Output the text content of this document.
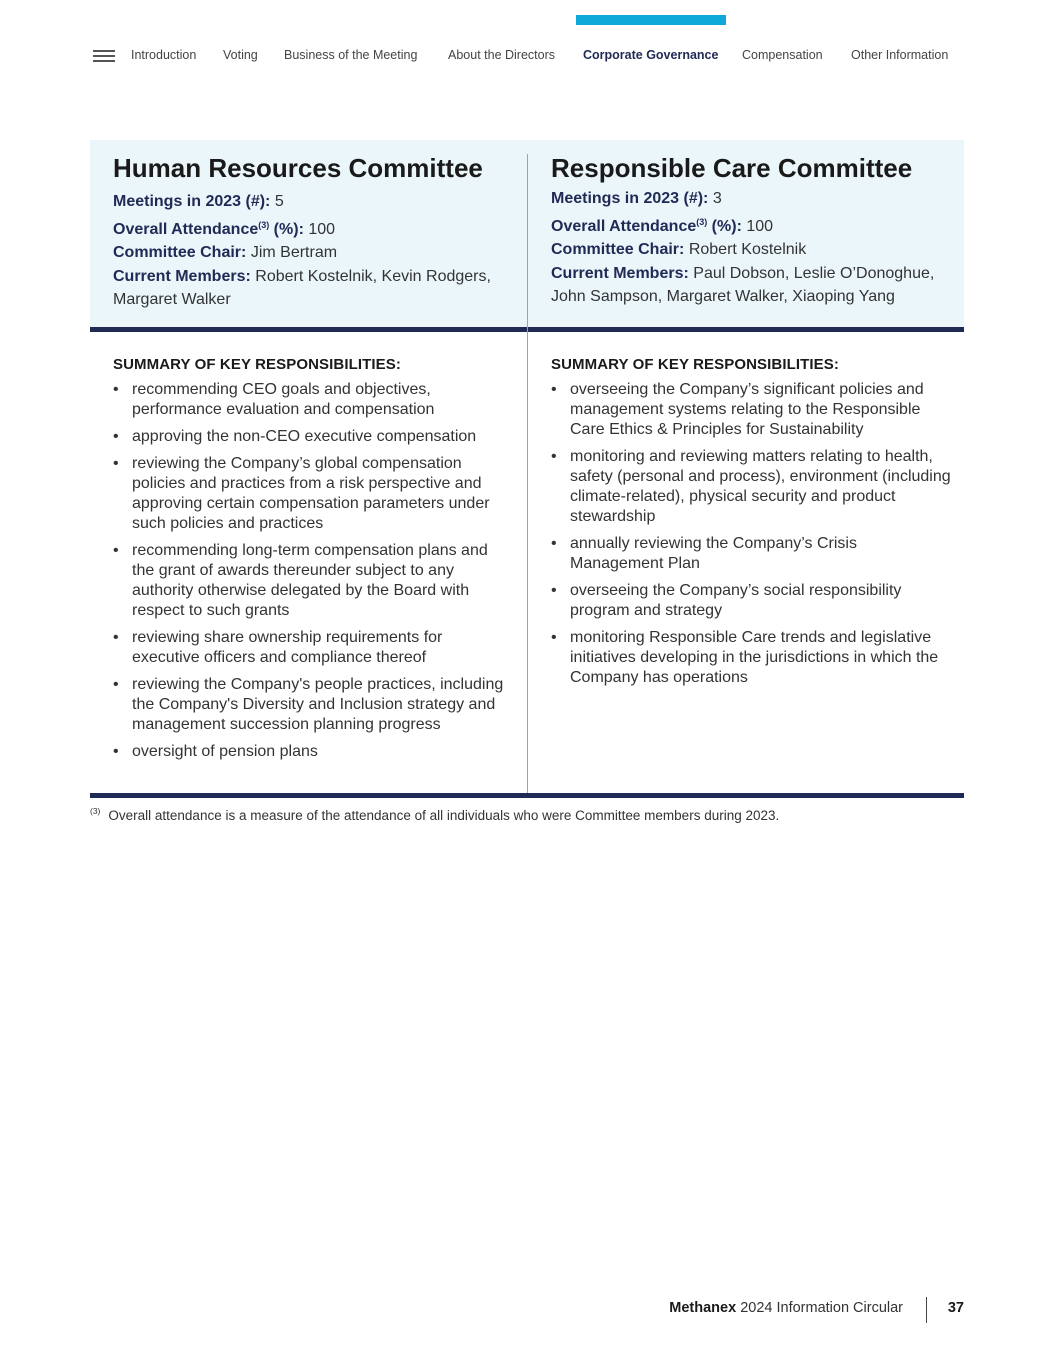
Introduction Voting Business of the Meeting About the Directors Corporate Governance Compensation Other Information
Human Resources Committee
Meetings in 2023 (#): 5
Overall Attendance$^{(3)}$ (%): 100
Committee Chair: Jim Bertram
Current Members: Robert Kostelnik, Kevin Rodgers, Margaret Walker
Responsible Care Committee
Meetings in 2023 (#): 3
Overall Attendance$^{(3)}$ (%): 100
Committee Chair: Robert Kostelnik
Current Members: Paul Dobson, Leslie O’Donoghue, John Sampson, Margaret Walker, Xiaoping Yang
SUMMARY OF KEY RESPONSIBILITIES:
• recommending CEO goals and objectives, performance evaluation and compensation
• approving the non-CEO executive compensation
• reviewing the Company’s global compensation policies and practices from a risk perspective and approving certain compensation parameters under such policies and practices
• recommending long-term compensation plans and the grant of awards thereunder subject to any authority otherwise delegated by the Board with respect to such grants
• reviewing share ownership requirements for executive officers and compliance thereof
• reviewing the Company's people practices, including the Company's Diversity and Inclusion strategy and management succession planning progress
• oversight of pension plans
SUMMARY OF KEY RESPONSIBILITIES:
• overseeing the Company’s significant policies and management systems relating to the Responsible Care Ethics & Principles for Sustainability
• monitoring and reviewing matters relating to health, safety (personal and process), environment (including climate-related), physical security and product stewardship
• annually reviewing the Company’s Crisis Management Plan
• overseeing the Company’s social responsibility program and strategy
• monitoring Responsible Care trends and legislative initiatives developing in the jurisdictions in which the Company has operations
$^{(3)}$ Overall attendance is a measure of the attendance of all individuals who were Committee members during 2023.
Methanex 2024 Information Circular	37
